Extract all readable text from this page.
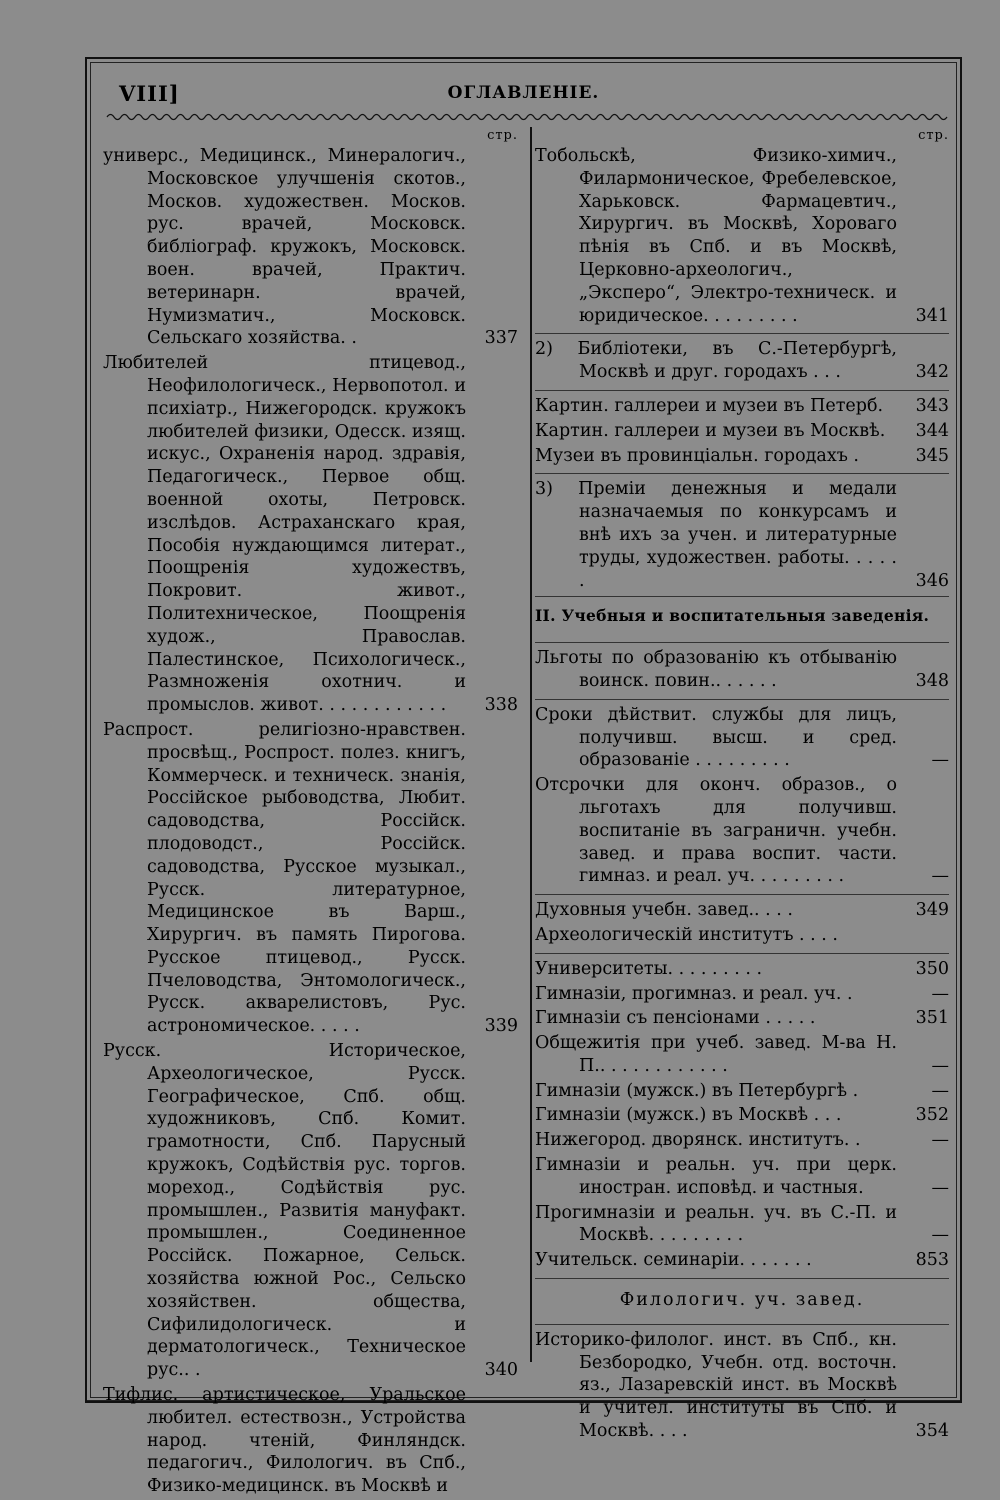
VIII]	ОГЛАВЛЕНІЕ.
стр.
универс., Медицинск., Минералогич., Московское улучшенія скотов., Москов. художествен. Москов. рус. врачей, Московск. библіограф. кружокъ, Московск. воен. врачей, Практич. ветеринарн. врачей, Нумизматич., Московск. Сельскаго хозяйства. .	337
Любителей птицевод., Неофилологическ., Нервопотол. и психіатр., Нижегородск. кружокъ любителей физики, Одесск. изящ. искус., Охраненія народ. здравія, Педагогическ., Первое общ. военной охоты, Петровск. изслѣдов. Астраханскаго края, Пособія нуждающимся литерат., Поощренія художествъ, Покровит. живот., Политехническое, Поощренія худож., Православ. Палестинское, Психологическ., Размноженія охотнич. и промыслов. живот. . . . . . . . . . . . 338
Распрост. религіозно-нравствен. просвѣщ., Роспрост. полез. книгъ, Коммерческ. и техническ. знанія, Россійское рыбоводства, Любит. садоводства, Россійск. плодоводст., Россійск. садоводства, Русское музыкал., Русск. литературное, Медицинское въ Варш., Хирургич. въ память Пирогова. Русское птицевод., Русск. Пчеловодства, Энтомологическ., Русск. акварелистовъ, Рус. астрономическое. . . . .	339
Русск. Историческое, Археологическое, Русск. Географическое, Спб. общ. художниковъ, Спб. Комит. грамотности, Спб. Парусный кружокъ, Содѣйствія рус. торгов. мореход., Содѣйствія рус. промышлен., Развитія мануфакт. промышлен., Соединенное Россійск. Пожарное, Сельск. хозяйства южной Рос., Сельско хозяйствен. общества, Сифилидологическ. и дерматологическ., Техническое рус.. .	340
Тифлис. артистическое, Уральское любител. естествозн., Устройства народ. чтеній, Финляндск. педагогич., Филологич. въ Спб., Физико-медицинск. въ Москвѣ и
стр.
Тобольскѣ, Физико-химич., Филармоническое, Фребелевское, Харьковск. Фармацевтич., Хирургич. въ Москвѣ, Хороваго пѣнія въ Спб. и въ Москвѣ, Церковно-археологич., „Эксперо“, Электро-техническ. и юридическое. . . . . . . . .	341
2) Библіотеки, въ С.-Петербургѣ, Москвѣ и друг. городахъ . . .	342
Картин. галлереи и музеи въ Петерб. 343
Картин. галлереи и музеи въ Москвѣ. 344
Музеи въ провинціальн. городахъ .	345
3) Преміи денежныя и медали назначаемыя по конкурсамъ и внѣ ихъ за учен. и литературные труды, художествен. работы. . . . . .	346
II. Учебныя и воспитательныя заведенія.
Льготы по образованію къ отбыванію воинск. повин.. . . . . .	348
Сроки дѣйствит. службы для лицъ, получивш. высш. и сред. образованіе . . . . . . . . .	—
Отсрочки для оконч. образов., о льготахъ для получивш. воспитаніе въ заграничн. учебн. завед. и права воспит. части. гимназ. и реал. уч. . . . . . . . .	—
Духовныя учебн. завед.. . . .	349
Археологическій институтъ . . . .
Университеты. . . . . . . . .	350
Гимназіи, прогимназ. и реал. уч. .	—
Гимназіи съ пенсіонами . . . . .	351
Общежитія при учеб. завед. М-ва Н. П.. . . . . . . . . . . .	—
Гимназіи (мужск.) въ Петербургѣ .	—
Гимназіи (мужск.) въ Москвѣ . . .	352
Нижегород. дворянск. институтъ. .	—
Гимназіи и реальн. уч. при церк. иностран. исповѣд. и частныя.	—
Прогимназіи и реальн. уч. въ С.-П. и Москвѣ. . . . . . . . .	—
Учительск. семинаріи. . . . . . .	853
Филологич. уч. завед.
Историко-филолог. инст. въ Спб., кн. Безбородко, Учебн. отд. восточн. яз., Лазаревскій инст. въ Москвѣ и учител. институты въ Спб. и Москвѣ. . . .	354
